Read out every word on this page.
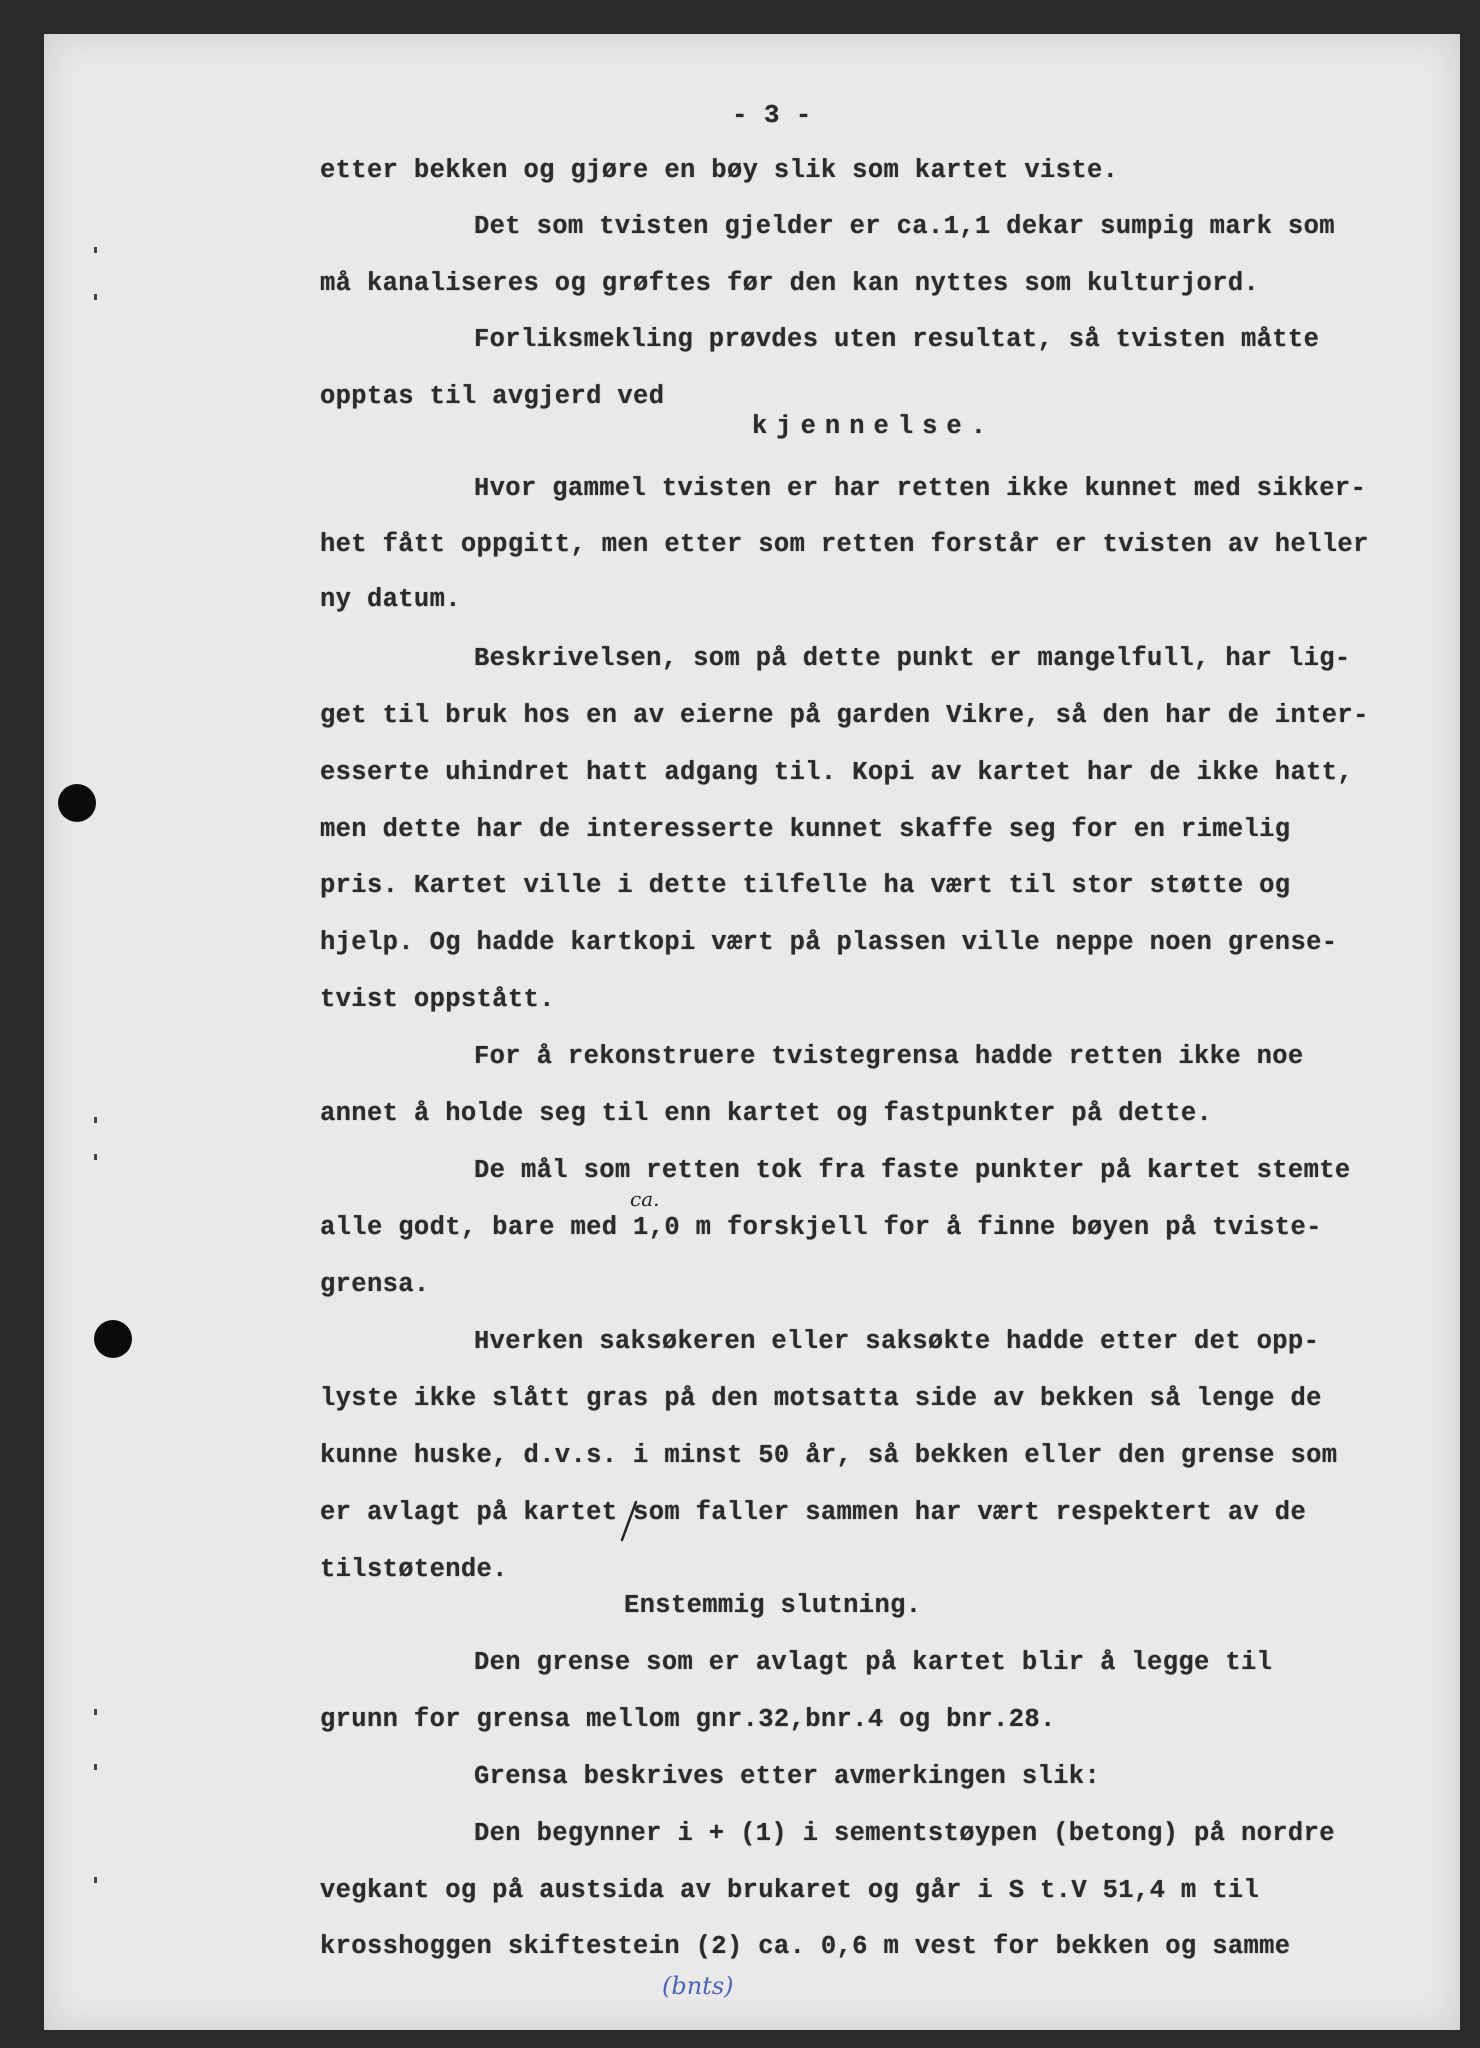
- 3 -

etter bekken og gjøre en bøy slik som kartet viste.

Det som tvisten gjelder er ca.1,1 dekar sumpig mark som

må kanaliseres og grøftes før den kan nyttes som kulturjord.

Forliksmekling prøvdes uten resultat, så tvisten måtte

opptas til avgjerd ved

kjennelse.

Hvor gammel tvisten er har retten ikke kunnet med sikker-

het fått oppgitt, men etter som retten forstår er tvisten av heller

ny datum.

Beskrivelsen, som på dette punkt er mangelfull, har lig-

get til bruk hos en av eierne på garden Vikre, så den har de inter-

esserte uhindret hatt adgang til. Kopi av kartet har de ikke hatt,

men dette har de interesserte kunnet skaffe seg for en rimelig

pris. Kartet ville i dette tilfelle ha vært til stor støtte og

hjelp. Og hadde kartkopi vært på plassen ville neppe noen grense-

tvist oppstått.

For å rekonstruere tvistegrensa hadde retten ikke noe

annet å holde seg til enn kartet og fastpunkter på dette.

De mål som retten tok fra faste punkter på kartet stemte

alle godt, bare med 1,0 m forskjell for å finne bøyen på tviste-

grensa.

Hverken saksøkeren eller saksøkte hadde etter det opp-

lyste ikke slått gras på den motsatta side av bekken så lenge de

kunne huske, d.v.s. i minst 50 år, så bekken eller den grense som

er avlagt på kartet som faller sammen har vært respektert av de

tilstøtende.

Enstemmig slutning.

Den grense som er avlagt på kartet blir å legge til

grunn for grensa mellom gnr.32,bnr.4 og bnr.28.

Grensa beskrives etter avmerkingen slik:

Den begynner i + (1) i sementstøypen (betong) på nordre

vegkant og på austsida av brukaret og går i S t.V 51,4 m til

krosshoggen skiftestein (2) ca. 0,6 m vest for bekken og samme

ca.
(bnts)
